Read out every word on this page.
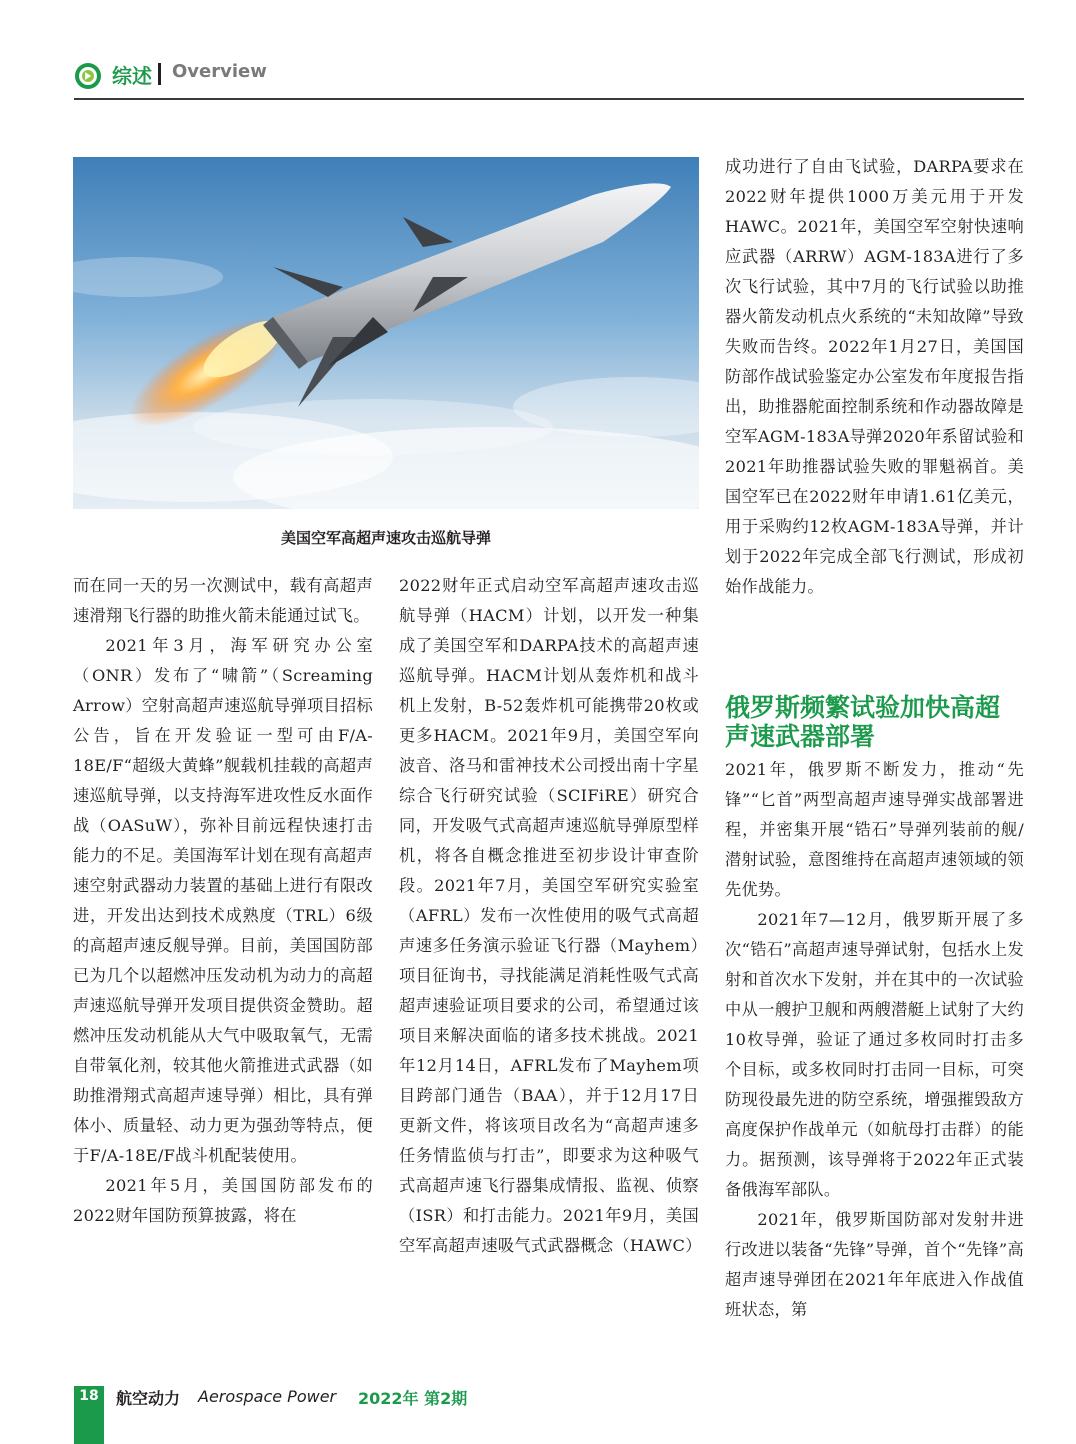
综述 Overview
美国空军高超声速攻击巡航导弹

而在同一天的另一次测试中，载有高超声速滑翔飞行器的助推火箭未能通过试飞。

2021年3月，海军研究办公室（ONR）发布了“啸箭”（Screaming Arrow）空射高超声速巡航导弹项目招标公告，旨在开发验证一型可由F/A-18E/F“超级大黄蜂”舰载机挂载的高超声速巡航导弹，以支持海军进攻性反水面作战（OASuW），弥补目前远程快速打击能力的不足。美国海军计划在现有高超声速空射武器动力装置的基础上进行有限改进，开发出达到技术成熟度（TRL）6级的高超声速反舰导弹。目前，美国国防部已为几个以超燃冲压发动机为动力的高超声速巡航导弹开发项目提供资金赞助。超燃冲压发动机能从大气中吸取氧气，无需自带氧化剂，较其他火箭推进式武器（如助推滑翔式高超声速导弹）相比，具有弹体小、质量轻、动力更为强劲等特点，便于F/A-18E/F战斗机配装使用。

2021年5月，美国国防部发布的2022财年国防预算披露，将在

2022财年正式启动空军高超声速攻击巡航导弹（HACM）计划，以开发一种集成了美国空军和DARPA技术的高超声速巡航导弹。HACM计划从轰炸机和战斗机上发射，B-52轰炸机可能携带20枚或更多HACM。2021年9月，美国空军向波音、洛马和雷神技术公司授出南十字星综合飞行研究试验（SCIFiRE）研究合同，开发吸气式高超声速巡航导弹原型样机，将各自概念推进至初步设计审查阶段。2021年7月，美国空军研究实验室（AFRL）发布一次性使用的吸气式高超声速多任务演示验证飞行器（Mayhem）项目征询书，寻找能满足消耗性吸气式高超声速验证项目要求的公司，希望通过该项目来解决面临的诸多技术挑战。2021年12月14日，AFRL发布了Mayhem项目跨部门通告（BAA），并于12月17日更新文件，将该项目改名为“高超声速多任务情监侦与打击”，即要求为这种吸气式高超声速飞行器集成情报、监视、侦察（ISR）和打击能力。2021年9月，美国空军高超声速吸气式武器概念（HAWC）

成功进行了自由飞试验，DARPA要求在2022财年提供1000万美元用于开发HAWC。2021年，美国空军空射快速响应武器（ARRW）AGM-183A进行了多次飞行试验，其中7月的飞行试验以助推器火箭发动机点火系统的“未知故障”导致失败而告终。2022年1月27日，美国国防部作战试验鉴定办公室发布年度报告指出，助推器舵面控制系统和作动器故障是空军AGM-183A导弹2020年系留试验和2021年助推器试验失败的罪魁祸首。美国空军已在2022财年申请1.61亿美元，用于采购约12枚AGM-183A导弹，并计划于2022年完成全部飞行测试，形成初始作战能力。

俄罗斯频繁试验加快高超声速武器部署

2021年，俄罗斯不断发力，推动“先锋”“匕首”两型高超声速导弹实战部署进程，并密集开展“锆石”导弹列装前的舰/潜射试验，意图维持在高超声速领域的领先优势。

2021年7—12月，俄罗斯开展了多次“锆石”高超声速导弹试射，包括水上发射和首次水下发射，并在其中的一次试验中从一艘护卫舰和两艘潜艇上试射了大约10枚导弹，验证了通过多枚同时打击多个目标，或多枚同时打击同一目标，可突防现役最先进的防空系统，增强摧毁敌方高度保护作战单元（如航母打击群）的能力。据预测，该导弹将于2022年正式装备俄海军部队。

2021年，俄罗斯国防部对发射井进行改进以装备“先锋”导弹，首个“先锋”高超声速导弹团在2021年年底进入作战值班状态，第

18	航空动力 Aerospace Power 2022年 第2期
